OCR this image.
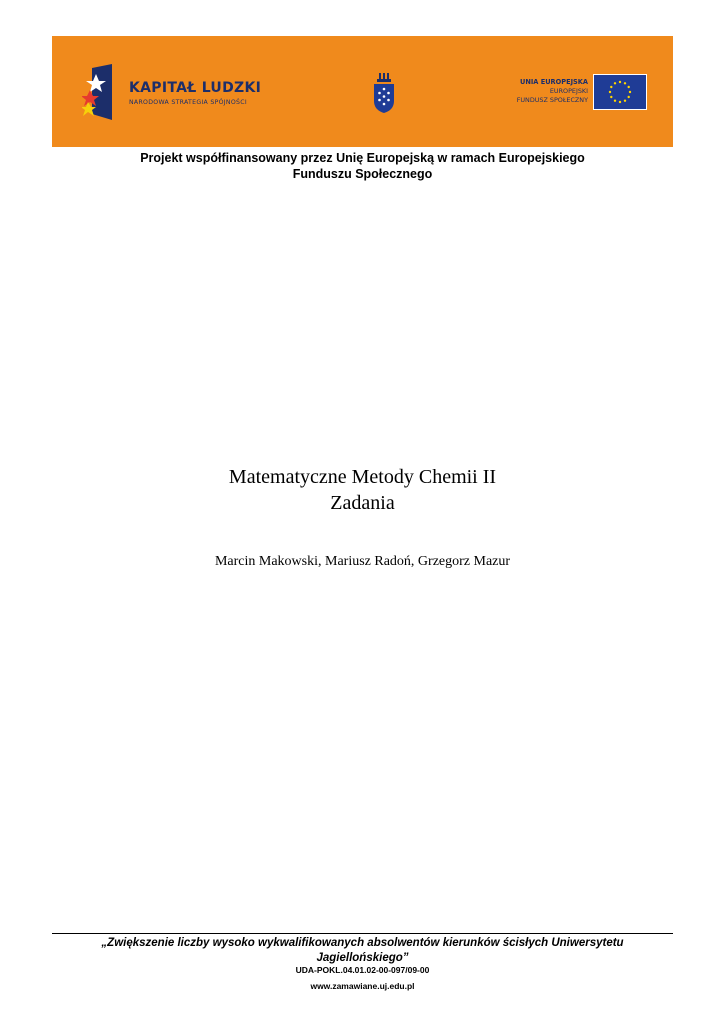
KAPITAŁ LUDZKI
NARODOWA STRATEGIA SPÓJNOŚCI
UNIA EUROPEJSKA
EUROPEJSKI
FUNDUSZ SPOŁECZNY
Projekt współfinansowany przez Unię Europejską w ramach Europejskiego
Funduszu Społecznego
Matematyczne Metody Chemii II
Zadania
Marcin Makowski, Mariusz Radoń, Grzegorz Mazur
„Zwiększenie liczby wysoko wykwalifikowanych absolwentów kierunków ścisłych Uniwersytetu
Jagiellońskiego”
UDA-POKL.04.01.02-00-097/09-00
www.zamawiane.uj.edu.pl
